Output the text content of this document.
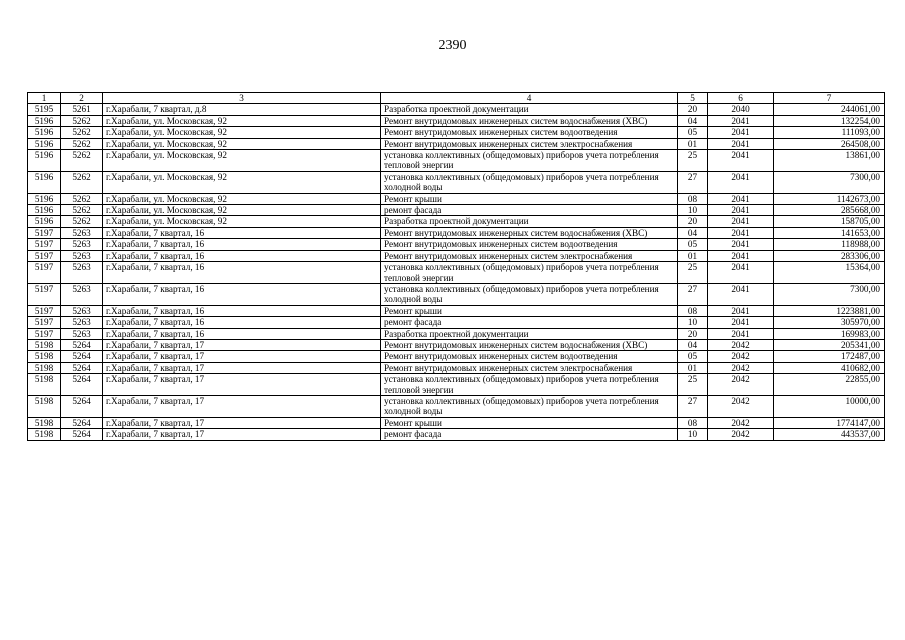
2390
1	2	3	4	5	6	7
5195	5261	г.Харабали, 7 квартал, д.8	Разработка проектной документации	20	2040	244061,00
5196	5262	г.Харабали, ул. Московская, 92	Ремонт внутридомовых инженерных систем водоснабжения (ХВС)	04	2041	132254,00
5196	5262	г.Харабали, ул. Московская, 92	Ремонт внутридомовых инженерных систем водоотведения	05	2041	111093,00
5196	5262	г.Харабали, ул. Московская, 92	Ремонт внутридомовых инженерных систем электроснабжения	01	2041	264508,00
5196	5262	г.Харабали, ул. Московская, 92	установка коллективных (общедомовых) приборов учета потребления тепловой энергии	25	2041	13861,00
5196	5262	г.Харабали, ул. Московская, 92	установка коллективных (общедомовых) приборов учета потребления холодной воды	27	2041	7300,00
5196	5262	г.Харабали, ул. Московская, 92	Ремонт крыши	08	2041	1142673,00
5196	5262	г.Харабали, ул. Московская, 92	ремонт фасада	10	2041	285668,00
5196	5262	г.Харабали, ул. Московская, 92	Разработка проектной документации	20	2041	158705,00
5197	5263	г.Харабали, 7 квартал, 16	Ремонт внутридомовых инженерных систем водоснабжения (ХВС)	04	2041	141653,00
5197	5263	г.Харабали, 7 квартал, 16	Ремонт внутридомовых инженерных систем водоотведения	05	2041	118988,00
5197	5263	г.Харабали, 7 квартал, 16	Ремонт внутридомовых инженерных систем электроснабжения	01	2041	283306,00
5197	5263	г.Харабали, 7 квартал, 16	установка коллективных (общедомовых) приборов учета потребления тепловой энергии	25	2041	15364,00
5197	5263	г.Харабали, 7 квартал, 16	установка коллективных (общедомовых) приборов учета потребления холодной воды	27	2041	7300,00
5197	5263	г.Харабали, 7 квартал, 16	Ремонт крыши	08	2041	1223881,00
5197	5263	г.Харабали, 7 квартал, 16	ремонт фасада	10	2041	305970,00
5197	5263	г.Харабали, 7 квартал, 16	Разработка проектной документации	20	2041	169983,00
5198	5264	г.Харабали, 7 квартал, 17	Ремонт внутридомовых инженерных систем водоснабжения (ХВС)	04	2042	205341,00
5198	5264	г.Харабали, 7 квартал, 17	Ремонт внутридомовых инженерных систем водоотведения	05	2042	172487,00
5198	5264	г.Харабали, 7 квартал, 17	Ремонт внутридомовых инженерных систем электроснабжения	01	2042	410682,00
5198	5264	г.Харабали, 7 квартал, 17	установка коллективных (общедомовых) приборов учета потребления тепловой энергии	25	2042	22855,00
5198	5264	г.Харабали, 7 квартал, 17	установка коллективных (общедомовых) приборов учета потребления холодной воды	27	2042	10000,00
5198	5264	г.Харабали, 7 квартал, 17	Ремонт крыши	08	2042	1774147,00
5198	5264	г.Харабали, 7 квартал, 17	ремонт фасада	10	2042	443537,00
